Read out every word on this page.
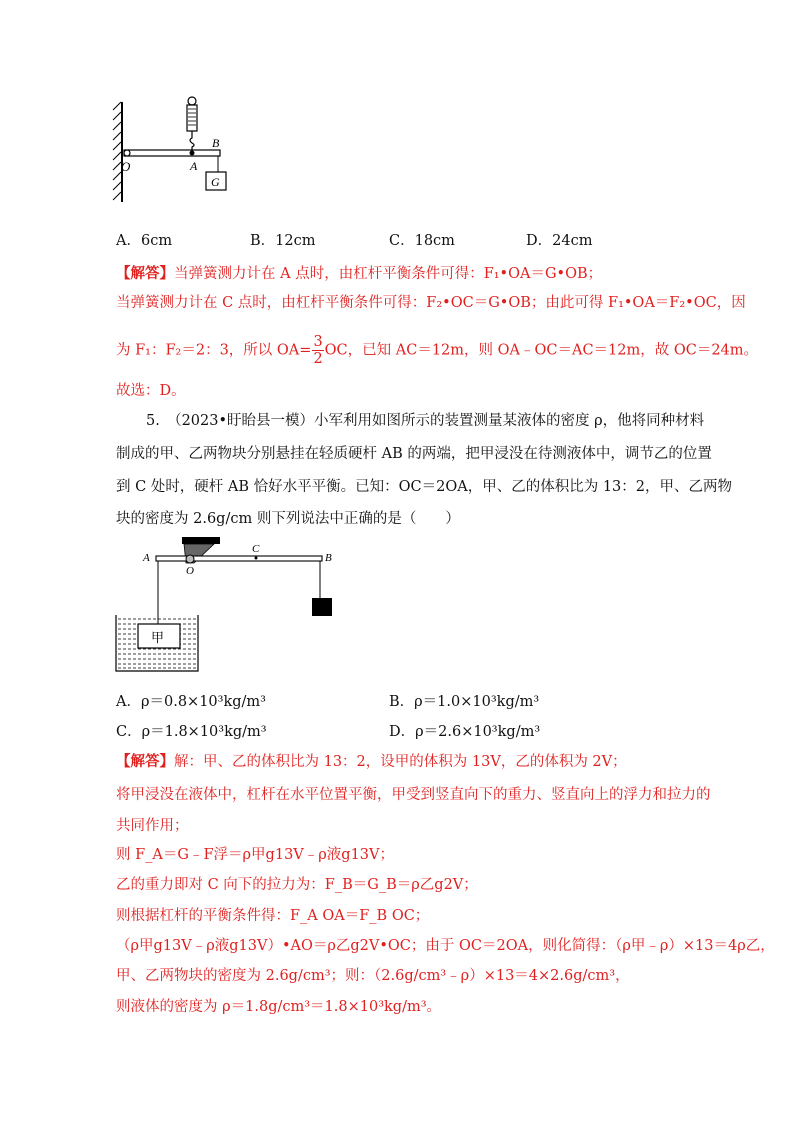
G
O	A
B
A．6cm	B．12cm	C．18cm	D．24cm
【解答】当弹簧测力计在 A 点时，由杠杆平衡条件可得：F₁•OA＝G•OB；
当弹簧测力计在 C 点时，由杠杆平衡条件可得：F₂•OC＝G•OB；由此可得 F₁•OA＝F₂•OC，因
为 F₁：F₂＝2：3，所以 $OA= \frac{3}{2}$ OC，已知 AC＝12m，则 OA﹣OC＝AC＝12m，故 OC＝24m。
故选：D。
5.　（2023•盱眙县一模）小军利用如图所示的装置测量某液体的密度 ρ，他将同种材料
制成的甲、乙两物块分别悬挂在轻质硬杆 AB 的两端，把甲浸没在待测液体中，调节乙的位置
到 C 处时，硬杆 AB 恰好水平平衡。已知：OC＝2OA，甲、乙的体积比为 13：2，甲、乙两物
块的密度为 2.6g/cm 则下列说法中正确的是（　　）
甲
A
O
C
B
A．ρ＝0.8×10³kg/m³	B．ρ＝1.0×10³kg/m³
C．ρ＝1.8×10³kg/m³	D．ρ＝2.6×10³kg/m³
【解答】解：甲、乙的体积比为 13：2，设甲的体积为 13V，乙的体积为 2V；
将甲浸没在液体中，杠杆在水平位置平衡，甲受到竖直向下的重力、竖直向上的浮力和拉力的
共同作用；
则 F_A＝G﹣F浮＝ρ甲g13V﹣ρ液g13V；
乙的重力即对 C 向下的拉力为：F_B＝G_B＝ρ乙g2V；
则根据杠杆的平衡条件得：F_A OA＝F_B OC；
（ρ甲g13V﹣ρ液g13V）•AO＝ρ乙g2V•OC；由于 OC＝2OA，则化简得：（ρ甲﹣ρ）×13＝4ρ乙，
甲、乙两物块的密度为 2.6g/cm³；则：（2.6g/cm³﹣ρ）×13＝4×2.6g/cm³，
则液体的密度为 ρ＝1.8g/cm³＝1.8×10³kg/m³。
